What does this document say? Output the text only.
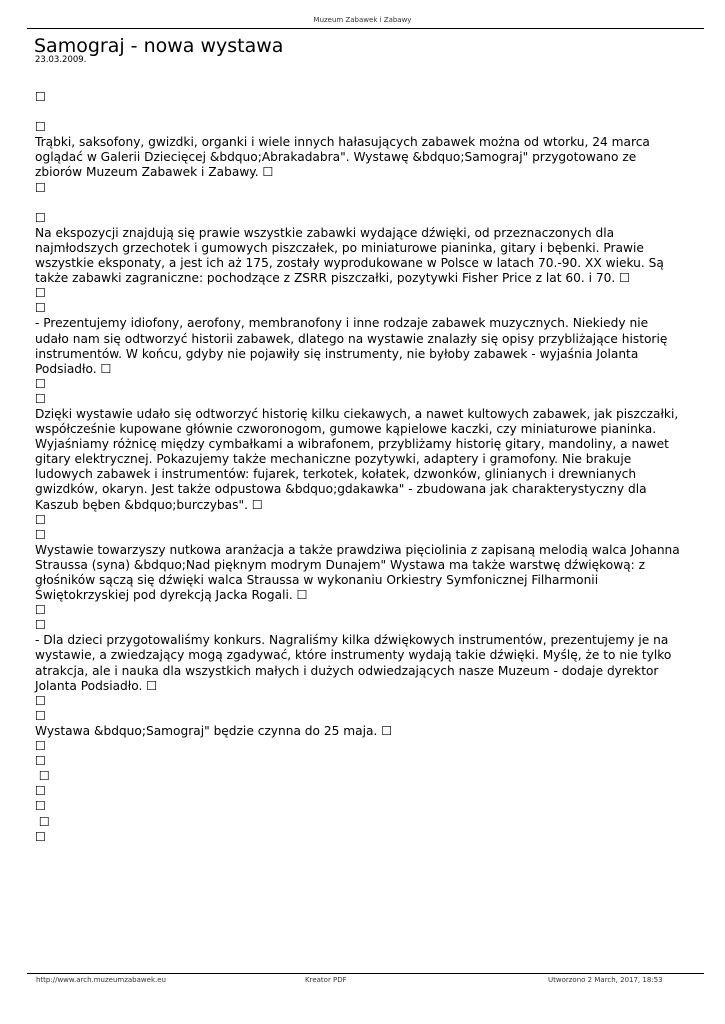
Muzeum Zabawek i Zabawy
Samograj - nowa wystawa
23.03.2009.

☐

☐

Trąbki, saksofony, gwizdki, organki i wiele innych hałasujących zabawek można od wtorku, 24 marca

oglądać w Galerii Dziecięcej &bdquo;Abrakadabra". Wystawę &bdquo;Samograj" przygotowano ze

zbiorów Muzeum Zabawek i Zabawy. ☐

☐

☐

Na ekspozycji znajdują się prawie wszystkie zabawki wydające dźwięki, od przeznaczonych dla

najmłodszych grzechotek i gumowych piszczałek, po miniaturowe pianinka, gitary i bębenki. Prawie

wszystkie eksponaty, a jest ich aż 175, zostały wyprodukowane w Polsce w latach 70.-90. XX wieku. Są

także zabawki zagraniczne: pochodzące z ZSRR piszczałki, pozytywki Fisher Price z lat 60. i 70. ☐

☐

☐

- Prezentujemy idiofony, aerofony, membranofony i inne rodzaje zabawek muzycznych. Niekiedy nie

udało nam się odtworzyć historii zabawek, dlatego na wystawie znalazły się opisy przybliżające historię

instrumentów. W końcu, gdyby nie pojawiły się instrumenty, nie byłoby zabawek - wyjaśnia Jolanta

Podsiadło. ☐

☐

☐

Dzięki wystawie udało się odtworzyć historię kilku ciekawych, a nawet kultowych zabawek, jak piszczałki,

współcześnie kupowane głównie czworonogom, gumowe kąpielowe kaczki, czy miniaturowe pianinka.

Wyjaśniamy różnicę między cymbałkami a wibrafonem, przybliżamy historię gitary, mandoliny, a nawet

gitary elektrycznej. Pokazujemy także mechaniczne pozytywki, adaptery i gramofony. Nie brakuje

ludowych zabawek i instrumentów: fujarek, terkotek, kołatek, dzwonków, glinianych i drewnianych

gwizdków, okaryn. Jest także odpustowa &bdquo;gdakawka" - zbudowana jak charakterystyczny dla

Kaszub bęben &bdquo;burczybas". ☐

☐

☐

Wystawie towarzyszy nutkowa aranżacja a także prawdziwa pięciolinia z zapisaną melodią walca Johanna

Straussa (syna) &bdquo;Nad pięknym modrym Dunajem" Wystawa ma także warstwę dźwiękową: z

głośników sączą się dźwięki walca Straussa w wykonaniu Orkiestry Symfonicznej Filharmonii

Świętokrzyskiej pod dyrekcją Jacka Rogali. ☐

☐

☐

- Dla dzieci przygotowaliśmy konkurs. Nagraliśmy kilka dźwiękowych instrumentów, prezentujemy je na

wystawie, a zwiedzający mogą zgadywać, które instrumenty wydają takie dźwięki. Myślę, że to nie tylko

atrakcja, ale i nauka dla wszystkich małych i dużych odwiedzających nasze Muzeum - dodaje dyrektor

Jolanta Podsiadło. ☐

☐

☐

Wystawa &bdquo;Samograj" będzie czynna do 25 maja. ☐

☐

☐

☐

☐

☐

☐

☐

http://www.arch.muzeumzabawek.eu	Kreator PDF	Utworzono 2 March, 2017, 18:53
